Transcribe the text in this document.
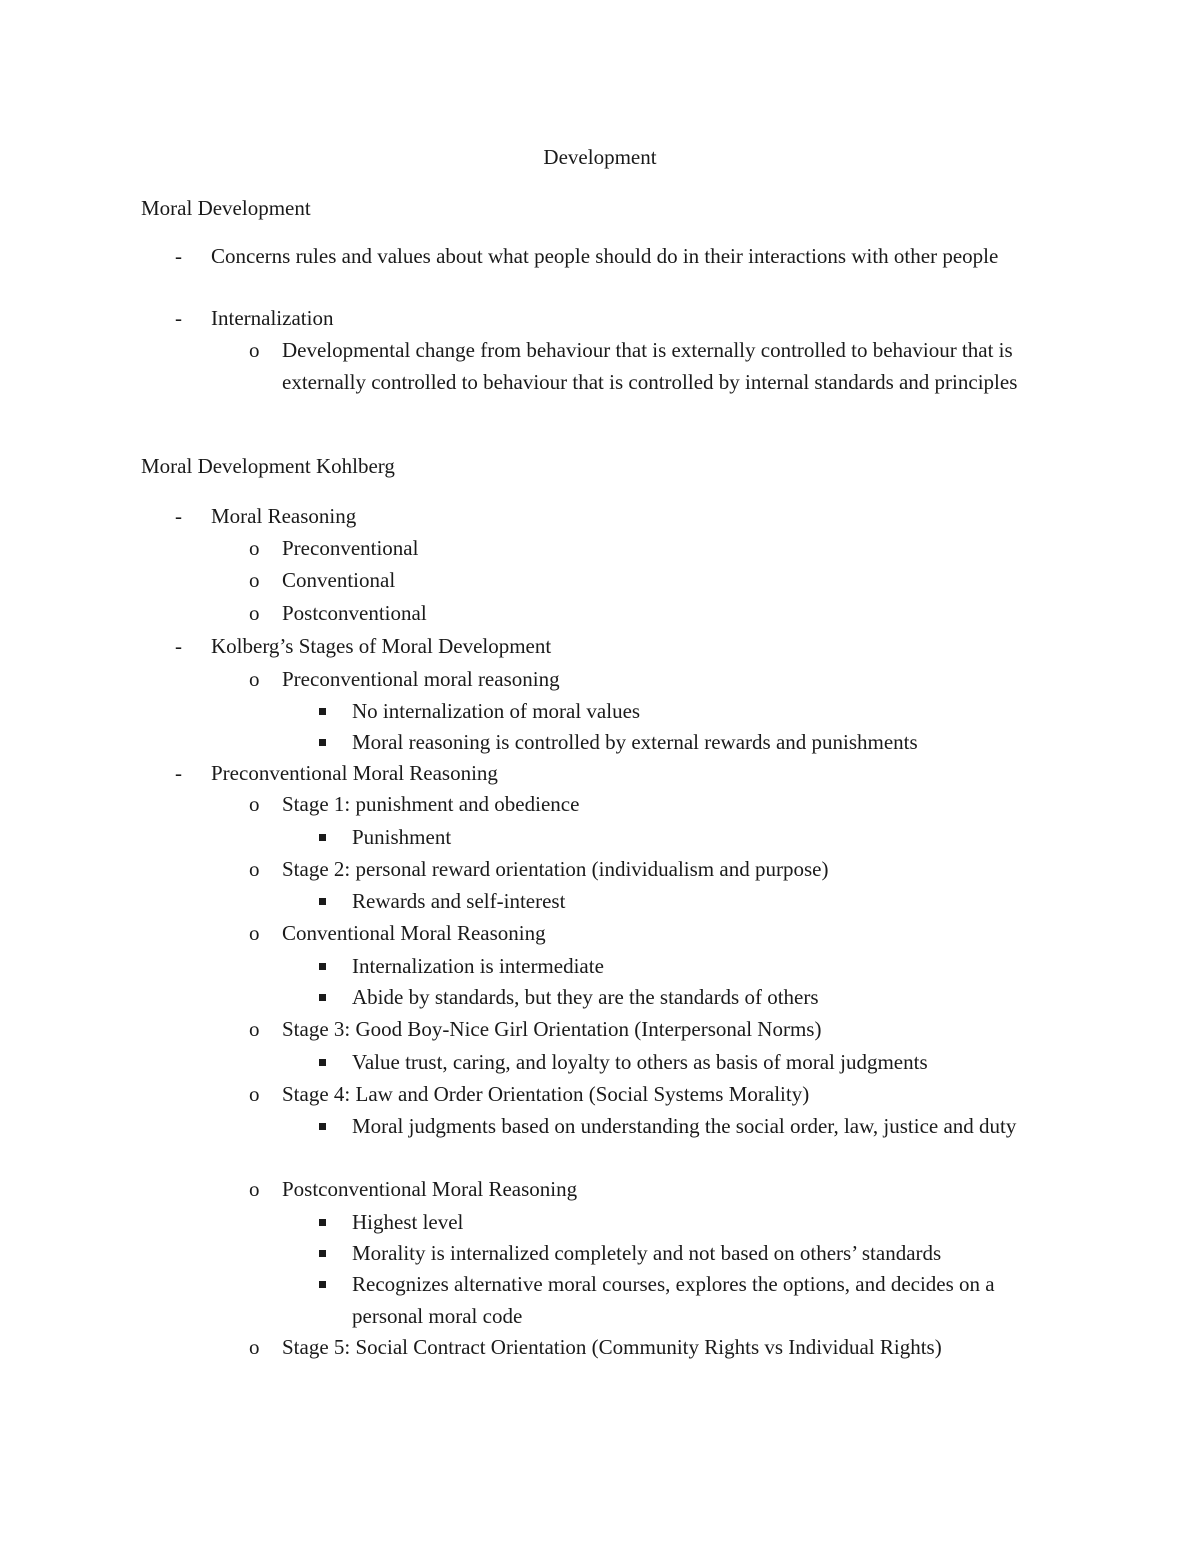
Development
Moral Development
- Concerns rules and values about what people should do in their interactions with other people
- Internalization
o Developmental change from behaviour that is externally controlled to behaviour that is externally controlled to behaviour that is controlled by internal standards and principles
Moral Development Kohlberg
- Moral Reasoning
o Preconventional
o Conventional
o Postconventional
- Kolberg’s Stages of Moral Development
o Preconventional moral reasoning
No internalization of moral values
Moral reasoning is controlled by external rewards and punishments
- Preconventional Moral Reasoning
o Stage 1: punishment and obedience
Punishment
o Stage 2: personal reward orientation (individualism and purpose)
Rewards and self-interest
o Conventional Moral Reasoning
Internalization is intermediate
Abide by standards, but they are the standards of others
o Stage 3: Good Boy-Nice Girl Orientation (Interpersonal Norms)
Value trust, caring, and loyalty to others as basis of moral judgments
o Stage 4: Law and Order Orientation (Social Systems Morality)
Moral judgments based on understanding the social order, law, justice and duty
o Postconventional Moral Reasoning
Highest level
Morality is internalized completely and not based on others’ standards
Recognizes alternative moral courses, explores the options, and decides on a personal moral code
o Stage 5: Social Contract Orientation (Community Rights vs Individual Rights)
